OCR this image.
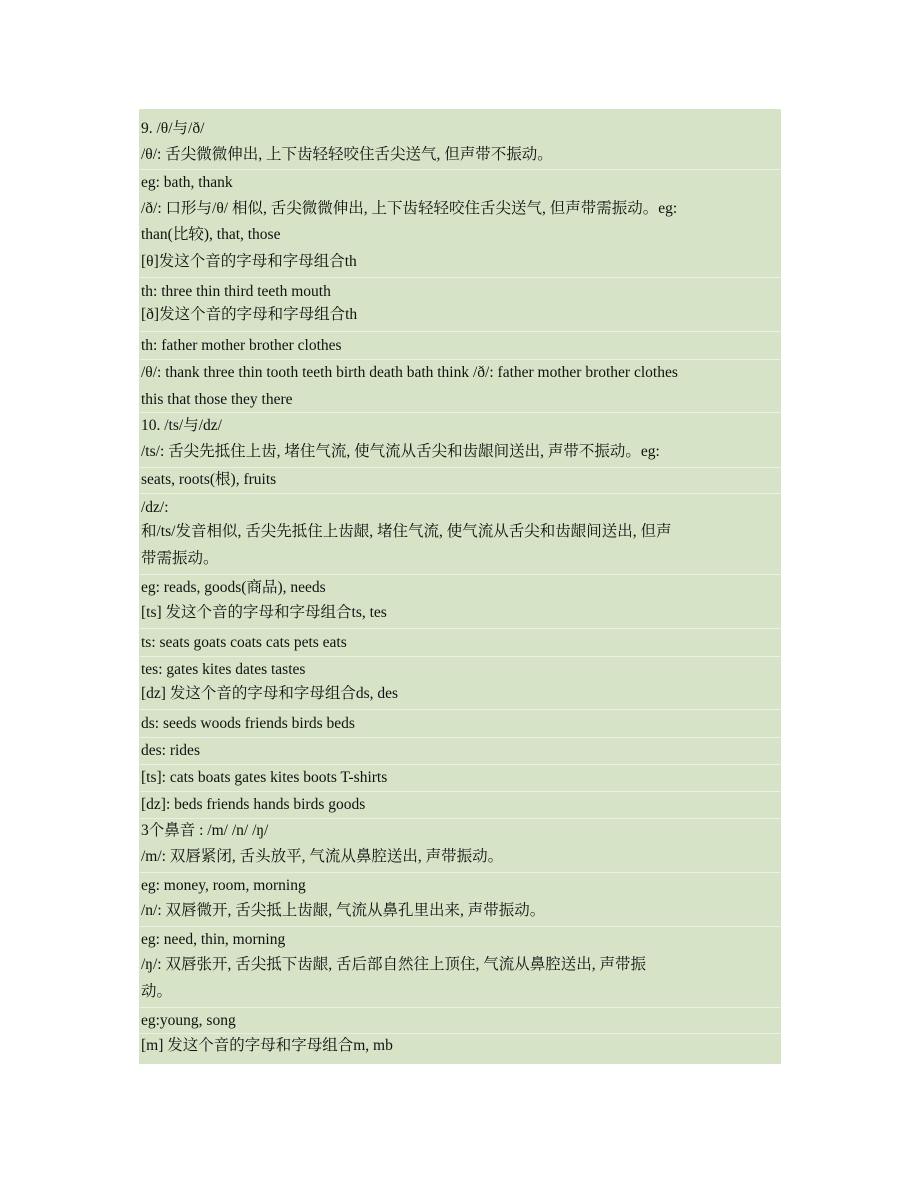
9. /θ/与/ð/
/θ/: 舌尖微微伸出, 上下齿轻轻咬住舌尖送气, 但声带不振动。
eg: bath, thank
/ð/: 口形与/θ/ 相似, 舌尖微微伸出, 上下齿轻轻咬住舌尖送气, 但声带需振动。eg:
than(比较), that, those
[θ]发这个音的字母和字母组合th
th: three thin third teeth mouth
[ð]发这个音的字母和字母组合th
th: father mother brother clothes
/θ/: thank three thin tooth teeth birth death bath think /ð/: father mother brother clothes
this that those they there
10. /ts/与/dz/
/ts/: 舌尖先抵住上齿, 堵住气流, 使气流从舌尖和齿龈间送出, 声带不振动。eg:
seats, roots(根), fruits
/dz/:
和/ts/发音相似, 舌尖先抵住上齿龈, 堵住气流, 使气流从舌尖和齿龈间送出, 但声
带需振动。
eg: reads, goods(商品), needs
[ts] 发这个音的字母和字母组合ts, tes
ts: seats goats coats cats pets eats
tes: gates kites dates tastes
[dz] 发这个音的字母和字母组合ds, des
ds: seeds woods friends birds beds
des: rides
[ts]: cats boats gates kites boots T-shirts
[dz]: beds friends hands birds goods
3个鼻音 : /m/ /n/ /ŋ/
/m/: 双唇紧闭, 舌头放平, 气流从鼻腔送出, 声带振动。
eg: money, room, morning
/n/: 双唇微开, 舌尖抵上齿龈, 气流从鼻孔里出来, 声带振动。
eg: need, thin, morning
/ŋ/: 双唇张开, 舌尖抵下齿龈, 舌后部自然往上顶住, 气流从鼻腔送出, 声带振
动。
eg:young, song
[m] 发这个音的字母和字母组合m, mb
